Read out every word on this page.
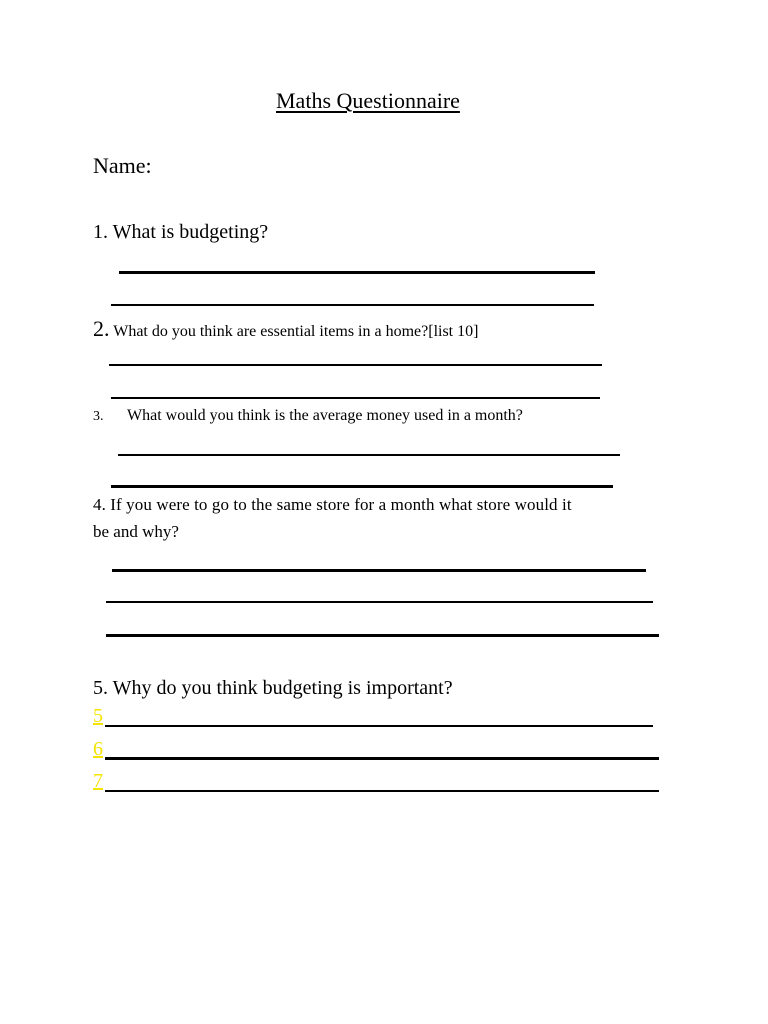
Maths Questionnaire
Name:
1. What is budgeting?
2. What do you think are essential items in a home?[list 10]
3. What would you think is the average money used in a month?
4. If you were to go to the same store for a month what store would it
be and why?
5. Why do you think budgeting is important?
5
6
7
